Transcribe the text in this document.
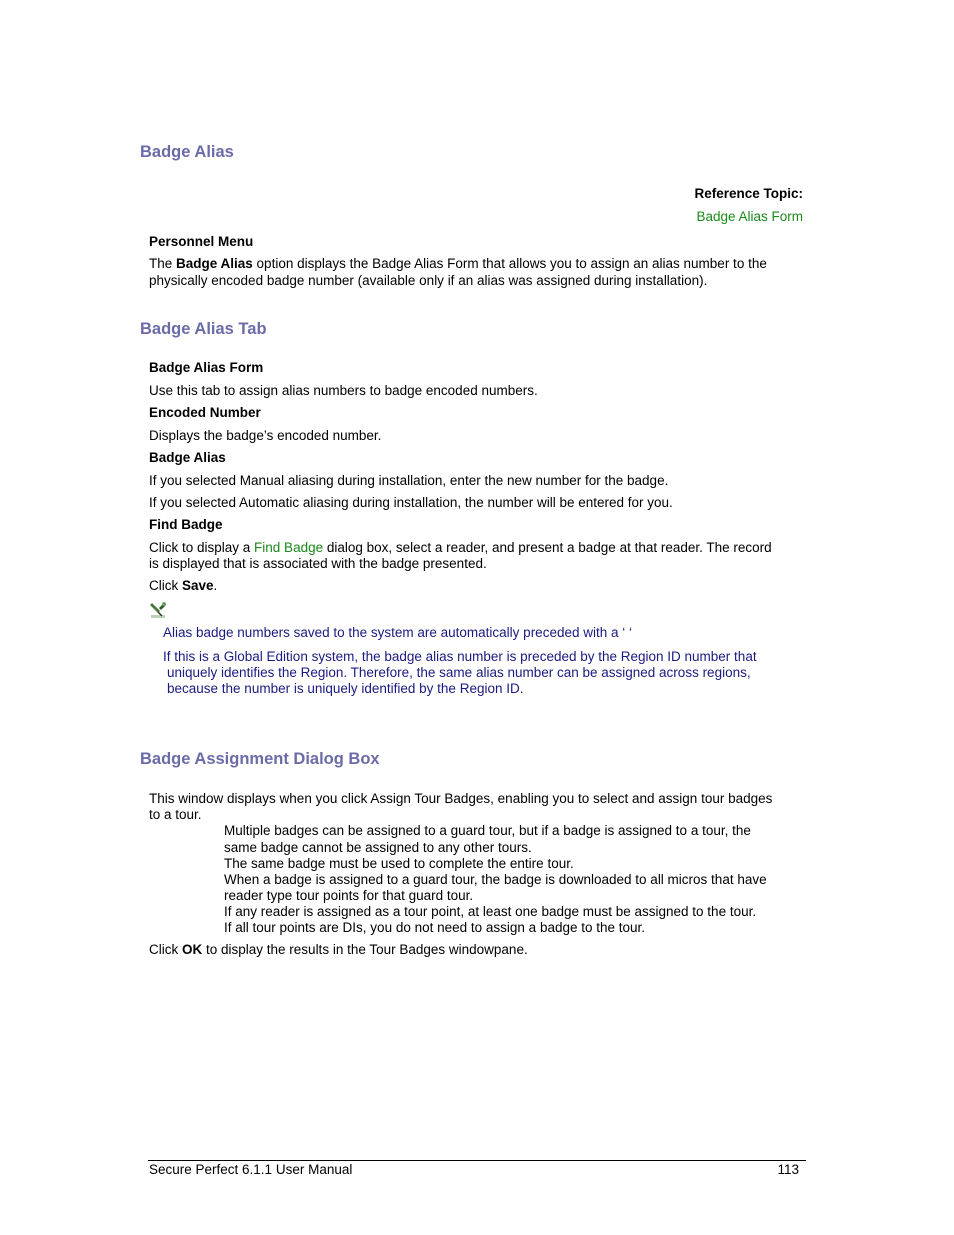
Badge Alias
Reference Topic:
Badge Alias Form
Personnel Menu
The Badge Alias option displays the Badge Alias Form that allows you to assign an alias number to the
physically encoded badge number (available only if an alias was assigned during installation).
Badge Alias Tab
Badge Alias Form
Use this tab to assign alias numbers to badge encoded numbers.
Encoded Number
Displays the badge’s encoded number.
Badge Alias
If you selected Manual aliasing during installation, enter the new number for the badge.
If you selected Automatic aliasing during installation, the number will be entered for you.
Find Badge
Click to display a Find Badge dialog box, select a reader, and present a badge at that reader. The record
is displayed that is associated with the badge presented.
Click Save.
Alias badge numbers saved to the system are automatically preceded with a ‘ ‘
If this is a Global Edition system, the badge alias number is preceded by the Region ID number that
uniquely identifies the Region. Therefore, the same alias number can be assigned across regions,
because the number is uniquely identified by the Region ID.
Badge Assignment Dialog Box
This window displays when you click Assign Tour Badges, enabling you to select and assign tour badges
to a tour.
Multiple badges can be assigned to a guard tour, but if a badge is assigned to a tour, the
same badge cannot be assigned to any other tours.
The same badge must be used to complete the entire tour.
When a badge is assigned to a guard tour, the badge is downloaded to all micros that have
reader type tour points for that guard tour.
If any reader is assigned as a tour point, at least one badge must be assigned to the tour.
If all tour points are DIs, you do not need to assign a badge to the tour.
Click OK to display the results in the Tour Badges windowpane.
Secure Perfect 6.1.1 User Manual	113
